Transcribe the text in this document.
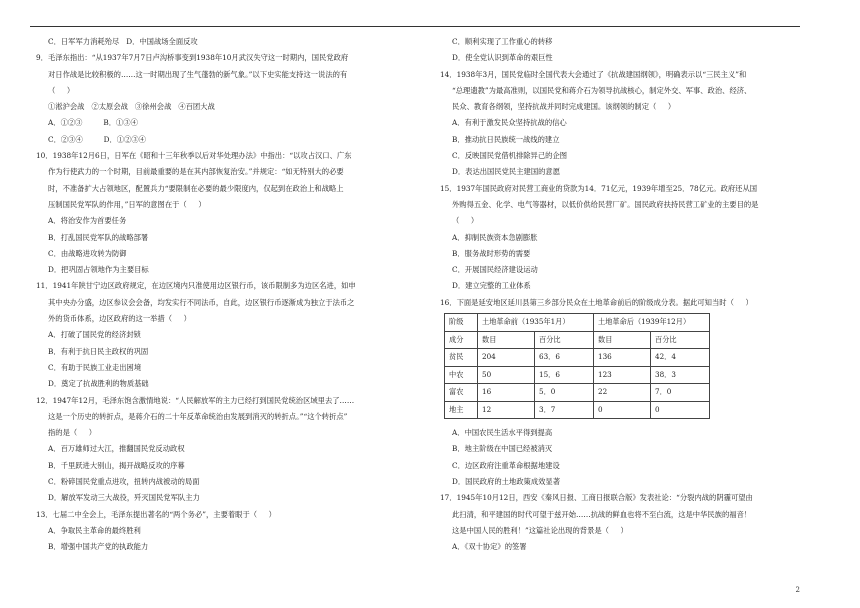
C．日军军力消耗殆尽   D．中国战场全面反攻

9．毛泽东指出：“从1937年7月7日卢沟桥事变到1938年10月武汉失守这一时期内，国民党政府

对日作战是比较积极的……这一时期出现了生气蓬勃的新气象。”以下史实能支持这一说法的有

（     ）

①淞沪会战   ②太原会战   ③徐州会战   ④百团大战

A．①②③         B．①③④

C．②③④         D．①②③④

10．1938年12月6日，日军在《昭和十三年秋季以后对华处理办法》中指出：“以攻占汉口、广东

作为行使武力的一个时期，目前最重要的是在其内部恢复治安。”并规定：“如无特别大的必要

时，不准备扩大占领地区，配置兵力“要限制在必要的最少限度内，仅起到在政治上和战略上

压制国民党军队的作用，”日军的意图在于（     ）

A．将治安作为首要任务

B．打乱国民党军队的战略部署

C．由战略进攻转为防御

D．把巩固占领地作为主要目标

11．1941年陕甘宁边区政府规定，在边区境内只准使用边区银行币，该币限制多为边区名进，如申

其中央办分盛，边区参议会会备，均发实行不同法币，自此，边区银行币逐渐成为独立于法币之

外的货币体系，边区政府的这一举措（     ）

A．打破了国民党的经济封锁

B．有利于抗日民主政权的巩固

C．有助于民族工业走出困境

D．奠定了抗战胜利的物质基础

12．1947年12月，毛泽东饱含激情地说：“人民解放军的主力已经打到国民党统治区域里去了……

这是一个历史的转折点，是蒋介石的二十年反革命统治由发展到消灭的转折点。”“这个转折点”

指的是（     ）

A．百万雄师过大江，推翻国民党反动政权

B．千里跃进大别山，揭开战略反攻的序幕

C．粉碎国民党重点进攻，扭转内战被动的局面

D．解放军发动三大战役，歼灭国民党军队主力

13．七届二中全会上，毛泽东提出著名的“两个务必”，主要着眼于（     ）

A．争取民主革命的最终胜利

B．增强中国共产党的执政能力

C．顺利实现了工作重心的转移

D．使全党认识到革命的艰巨性

14．1938年3月，国民党临时全国代表大会通过了《抗战建国纲领》，明确表示以“三民主义”和

“总理遗教”为最高准则，以国民党和蒋介石为领导抗战核心，制定外交、军事、政治、经济、

民众、教育各纲领，坚持抗战并同时完成建国。该纲领的制定（     ）

A．有利于激发民众坚持抗战的信心

B．推动抗日民族统一战线的建立

C．反映国民党借机排除异己的企图

D．表达出国民党民主建国的意愿

15．1937年国民政府对民营工商业的贷款为14．71亿元，1939年增至25．78亿元。政府还从国

外购得五金、化学、电气等器材，以低价供给民营厂矿。国民政府扶持民营工矿业的主要目的是

（     ）

A．抑制民族资本急剧膨胀

B．服务战时形势的需要

C．开展国民经济建设运动

D．建立完整的工业体系

16．下面是延安地区延川县第三乡部分民众在土地革命前后的阶级成分表。据此可知当时（     ）

阶级	土地革命前（1935年1月）		土地革命后（1939年12月）	
成分	数目	百分比	数目	百分比
贫民	204	63．6	136	42．4
中农	50	15．6	123	38．3
富农	16	5．0	22	7．0
地主	12	3．7	0	0

A．中国农民生活水平得到提高

B．地主阶级在中国已经被消灭

C．边区政府注重革命根据地建设

D．国民政府的土地政策成效显著

17．1945年10月12日，西安《秦风日报、工商日报联合版》发表社论：“分裂内战的阴霾可望由

此扫清，和平建国的时代可望于兹开始……抗战的鲜血也将不至白流，这是中华民族的福音！

这是中国人民的胜利！”这篇社论出现的背景是（     ）

A．《双十协定》的签署

2
